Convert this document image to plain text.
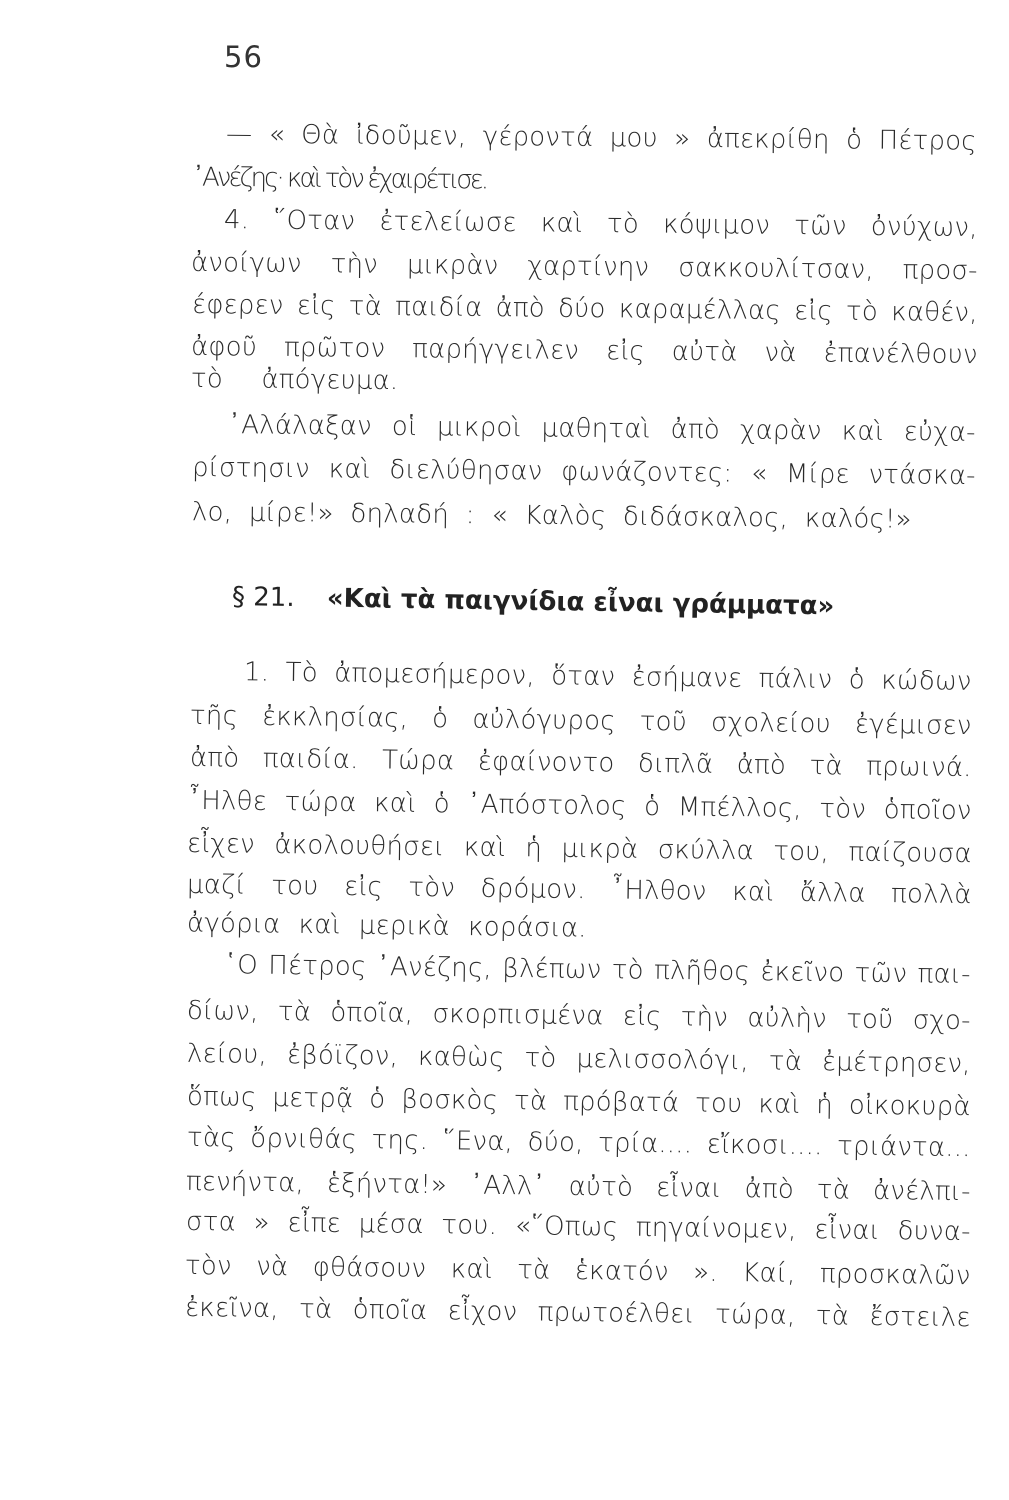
56
— « Θὰ ἰδοῦμεν, γέροντά μου » ἀπεκρίθη ὁ Πέτρος
᾿Ανέζης· καὶ τὸν ἐχαιρέτισε.
4. ῞Οταν ἐτελείωσε καὶ τὸ κόψιμον τῶν ὀνύχων,
ἀνοίγων τὴν μικρὰν χαρτίνην σακκουλίτσαν, προσ-
έφερεν εἰς τὰ παιδία ἀπὸ δύο καραμέλλας εἰς τὸ καθέν,
ἀφοῦ πρῶτον παρήγγειλεν εἰς αὐτὰ νὰ ἐπανέλθουν
τὸ ἀπόγευμα.
᾿Αλάλαξαν οἱ μικροὶ μαθηταὶ ἀπὸ χαρὰν καὶ εὐχα-
ρίστησιν καὶ διελύθησαν φωνάζοντες: « Μίρε ντάσκα-
λο, μίρε!» δηλαδή : « Καλὸς διδάσκαλος, καλός!»
§ 21. «Καὶ τὰ παιγνίδια εἶναι γράμματα»
1. Τὸ ἀπομεσήμερον, ὅταν ἐσήμανε πάλιν ὁ κώδων
τῆς ἐκκλησίας, ὁ αὐλόγυρος τοῦ σχολείου ἐγέμισεν
ἀπὸ παιδία. Τώρα ἐφαίνοντο διπλᾶ ἀπὸ τὰ πρωινά.
῏Ηλθε τώρα καὶ ὁ ᾿Απόστολος ὁ Μπέλλος, τὸν ὁποῖον
εἶχεν ἀκολουθήσει καὶ ἡ μικρὰ σκύλλα του, παίζουσα
μαζί του εἰς τὸν δρόμον. ῏Ηλθον καὶ ἄλλα πολλὰ
ἀγόρια καὶ μερικὰ κοράσια.
῾Ο Πέτρος ᾿Ανέζης, βλέπων τὸ πλῆθος ἐκεῖνο τῶν παι-
δίων, τὰ ὁποῖα, σκορπισμένα εἰς τὴν αὐλὴν τοῦ σχο-
λείου, ἐβόϊζον, καθὼς τὸ μελισσολόγι, τὰ ἐμέτρησεν,
ὅπως μετρᾷ ὁ βοσκὸς τὰ πρόβατά του καὶ ἡ οἰκοκυρὰ
τὰς ὄρνιθάς της. ῞Ενα, δύο, τρία.... εἴκοσι.... τριάντα...
πενήντα, ἑξήντα!» ᾿Αλλ᾿ αὐτὸ εἶναι ἀπὸ τὰ ἀνέλπι-
στα » εἶπε μέσα του. «῞Οπως πηγαίνομεν, εἶναι δυνα-
τὸν νὰ φθάσουν καὶ τὰ ἑκατόν ». Καί, προσκαλῶν
ἐκεῖνα, τὰ ὁποῖα εἶχον πρωτοέλθει τώρα, τὰ ἔστειλε
